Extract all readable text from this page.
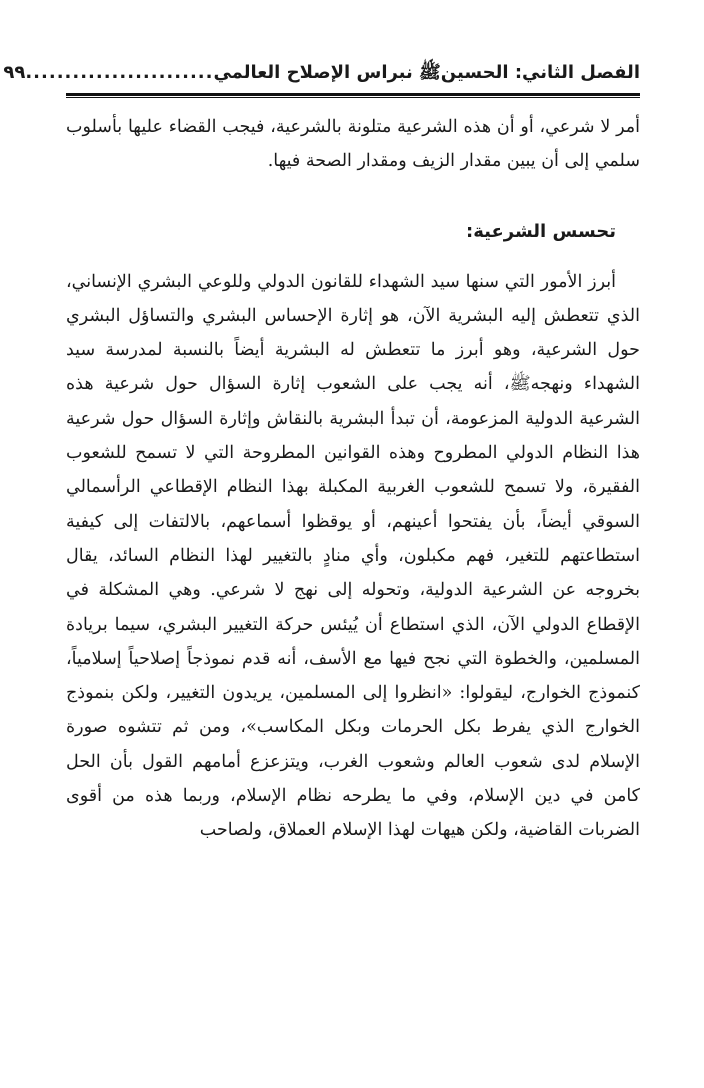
الفصل الثاني: الحسينﷺ نبراس الإصلاح العالمي
........................
٩٩

أمر لا شرعي، أو أن هذه الشرعية متلونة بالشرعية، فيجب القضاء عليها بأسلوب سلمي إلى أن يبين مقدار الزيف ومقدار الصحة فيها.

تحسس الشرعية:

أبرز الأمور التي سنها سيد الشهداء للقانون الدولي وللوعي البشري الإنساني، الذي تتعطش إليه البشرية الآن، هو إثارة الإحساس البشري والتساؤل البشري حول الشرعية، وهو أبرز ما تتعطش له البشرية أيضاً بالنسبة لمدرسة سيد الشهداء ونهجهﷺ، أنه يجب على الشعوب إثارة السؤال حول شرعية هذه الشرعية الدولية المزعومة، أن تبدأ البشرية بالنقاش وإثارة السؤال حول شرعية هذا النظام الدولي المطروح وهذه القوانين المطروحة التي لا تسمح للشعوب الفقيرة، ولا تسمح للشعوب الغربية المكبلة بهذا النظام الإقطاعي الرأسمالي السوقي أيضاً، بأن يفتحوا أعينهم، أو يوقظوا أسماعهم، بالالتفات إلى كيفية استطاعتهم للتغير، فهم مكبلون، وأي منادٍ بالتغيير لهذا النظام السائد، يقال بخروجه عن الشرعية الدولية، وتحوله إلى نهج لا شرعي. وهي المشكلة في الإقطاع الدولي الآن، الذي استطاع أن يُيئس حركة التغيير البشري، سيما بريادة المسلمين، والخطوة التي نجح فيها مع الأسف، أنه قدم نموذجاً إصلاحياً إسلامياً، كنموذج الخوارج، ليقولوا: «انظروا إلى المسلمين، يريدون التغيير، ولكن بنموذج الخوارج الذي يفرط بكل الحرمات وبكل المكاسب»، ومن ثم تتشوه صورة الإسلام لدى شعوب العالم وشعوب الغرب، ويتزعزع أمامهم القول بأن الحل كامن في دين الإسلام، وفي ما يطرحه نظام الإسلام، وربما هذه من أقوى الضربات القاضية، ولكن هيهات لهذا الإسلام العملاق، ولصاحب
